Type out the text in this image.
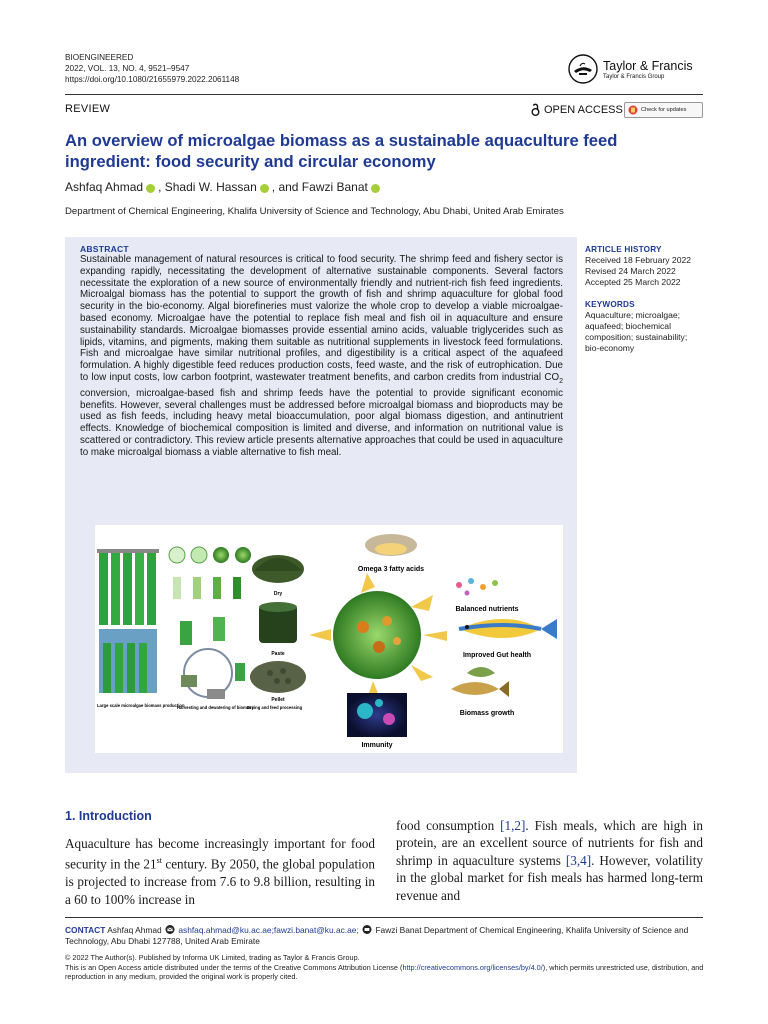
BIOENGINEERED
2022, VOL. 13, NO. 4, 9521–9547
https://doi.org/10.1080/21655979.2022.2061148
Taylor & Francis
Taylor & Francis Group
REVIEW	OPEN ACCESS	Check for updates
An overview of microalgae biomass as a sustainable aquaculture feed ingredient: food security and circular economy
Ashfaq Ahmad , Shadi W. Hassan , and Fawzi Banat
Department of Chemical Engineering, Khalifa University of Science and Technology, Abu Dhabi, United Arab Emirates
ABSTRACT
Sustainable management of natural resources is critical to food security. The shrimp feed and fishery sector is expanding rapidly, necessitating the development of alternative sustainable components. Several factors necessitate the exploration of a new source of environmentally friendly and nutrient-rich fish feed ingredients. Microalgal biomass has the potential to support the growth of fish and shrimp aquaculture for global food security in the bio-economy. Algal biorefineries must valorize the whole crop to develop a viable microalgae-based economy. Microalgae have the potential to replace fish meal and fish oil in aquaculture and ensure sustainability standards. Microalgae biomasses provide essential amino acids, valuable triglycerides such as lipids, vitamins, and pigments, making them suitable as nutritional supplements in livestock feed formulations. Fish and microalgae have similar nutritional profiles, and digestibility is a critical aspect of the aquafeed formulation. A highly digestible feed reduces production costs, feed waste, and the risk of eutrophication. Due to low input costs, low carbon footprint, wastewater treatment benefits, and carbon credits from industrial $CO_2$ conversion, microalgae-based fish and shrimp feeds have the potential to provide significant economic benefits. However, several challenges must be addressed before microalgal biomass and bioproducts may be used as fish feeds, including heavy metal bioaccumulation, poor algal biomass digestion, and antinutrient effects. Knowledge of biochemical composition is limited and diverse, and information on nutritional value is scattered or contradictory. This review article presents alternative approaches that could be used in aquaculture to make microalgal biomass a viable alternative to fish meal.
ARTICLE HISTORY
Received 18 February 2022
Revised 24 March 2022
Accepted 25 March 2022
KEYWORDS
Aquaculture; microalgae; aquafeed; biochemical composition; sustainability; bio-economy
Dry
Paste
Pellet
Large scale microalgae biomass production
Harvesting and dewatering of biomass
Drying and feed processing
Omega 3 fatty acids
Balanced nutrients
Improved Gut health
Biomass growth
Immunity
1. Introduction
Aquaculture has become increasingly important for food security in the 21st century. By 2050, the global population is projected to increase from 7.6 to 9.8 billion, resulting in a 60 to 100% increase in
food consumption [1,2]. Fish meals, which are high in protein, are an excellent source of nutrients for fish and shrimp in aquaculture systems [3,4]. However, volatility in the global market for fish meals has harmed long-term revenue and
CONTACT Ashfaq Ahmad ashfaq.ahmad@ku.ac.ae;fawzi.banat@ku.ac.ae; Fawzi Banat Department of Chemical Engineering, Khalifa University of Science and Technology, Abu Dhabi 127788, United Arab Emirate
© 2022 The Author(s). Published by Informa UK Limited, trading as Taylor & Francis Group.
This is an Open Access article distributed under the terms of the Creative Commons Attribution License (http://creativecommons.org/licenses/by/4.0/), which permits unrestricted use, distribution, and reproduction in any medium, provided the original work is properly cited.
